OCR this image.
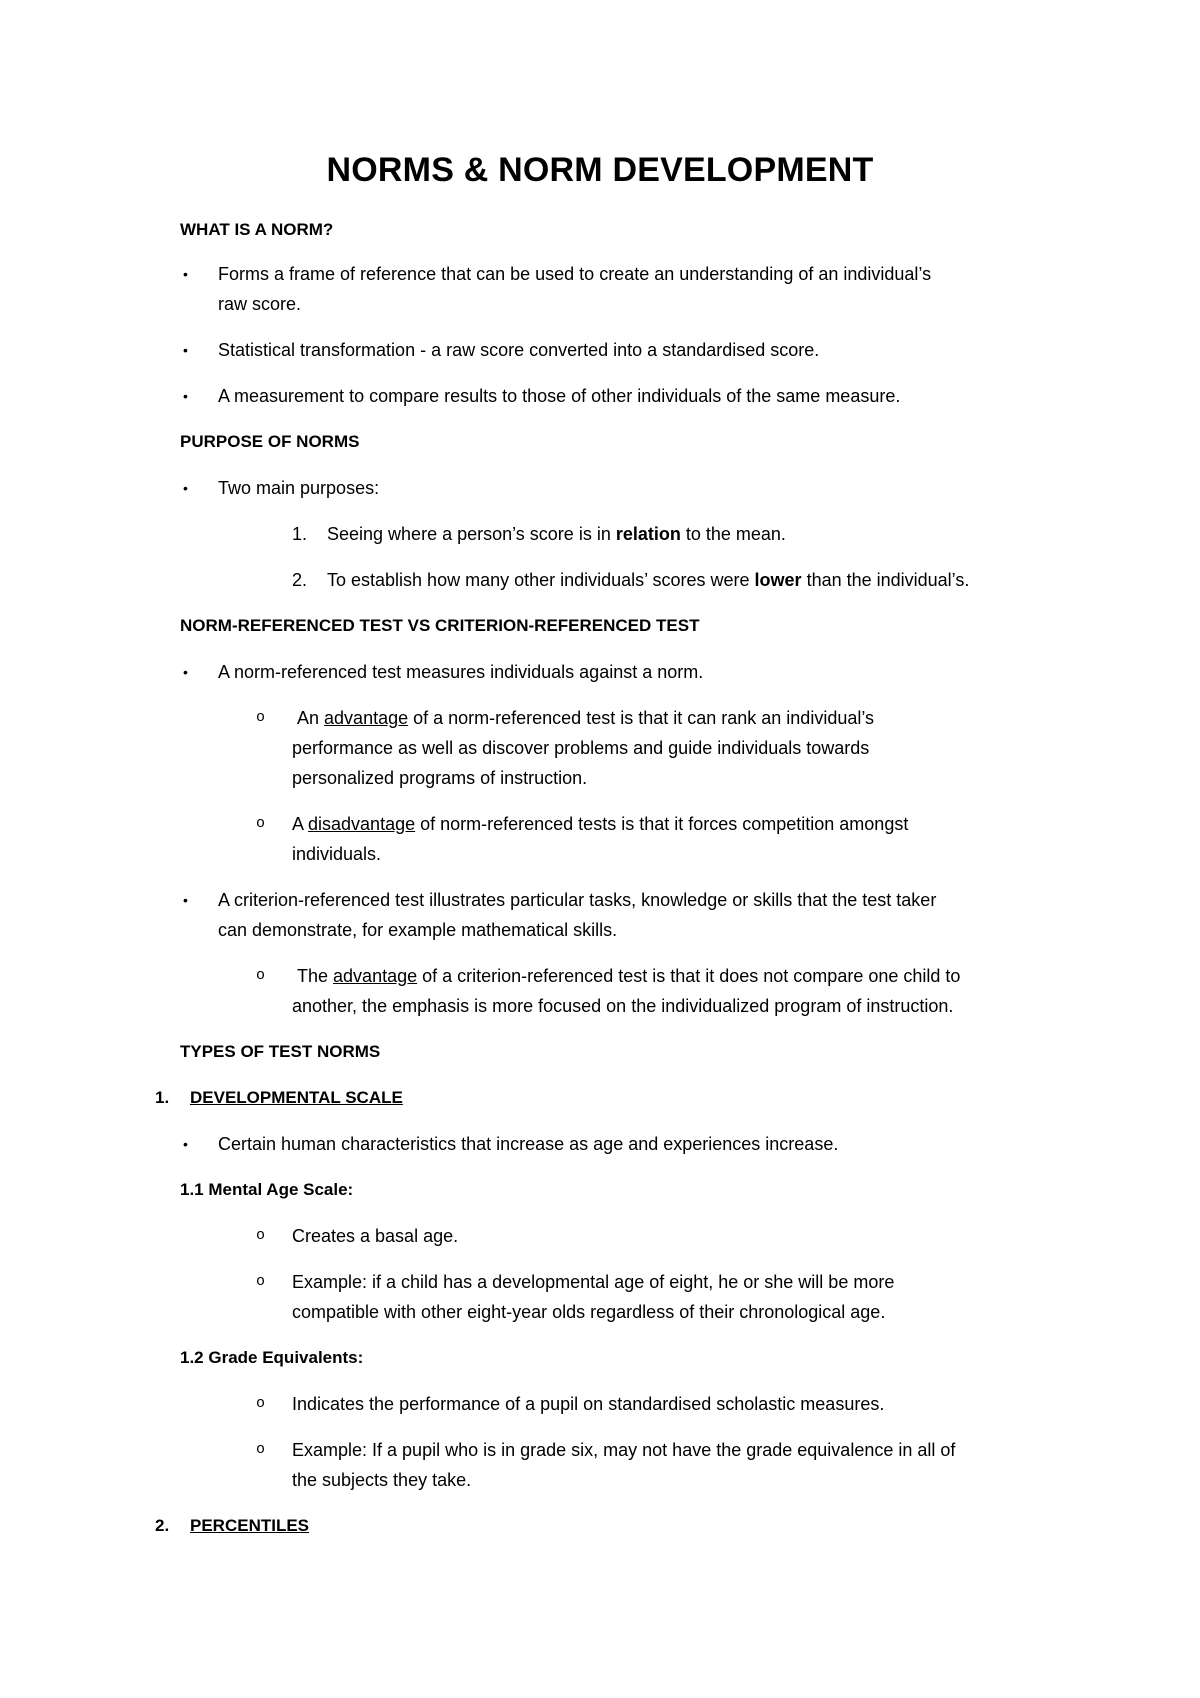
NORMS & NORM DEVELOPMENT
WHAT IS A NORM?
• Forms a frame of reference that can be used to create an understanding of an individual’s
raw score.
• Statistical transformation - a raw score converted into a standardised score.
• A measurement to compare results to those of other individuals of the same measure.
PURPOSE OF NORMS
• Two main purposes:
1. Seeing where a person’s score is in relation to the mean.
2. To establish how many other individuals’ scores were lower than the individual’s.
NORM-REFERENCED TEST VS CRITERION-REFERENCED TEST
• A norm-referenced test measures individuals against a norm.
o An advantage of a norm-referenced test is that it can rank an individual’s
performance as well as discover problems and guide individuals towards
personalized programs of instruction.
o A disadvantage of norm-referenced tests is that it forces competition amongst
individuals.
• A criterion-referenced test illustrates particular tasks, knowledge or skills that the test taker
can demonstrate, for example mathematical skills.
o The advantage of a criterion-referenced test is that it does not compare one child to
another, the emphasis is more focused on the individualized program of instruction.
TYPES OF TEST NORMS
1. DEVELOPMENTAL SCALE
• Certain human characteristics that increase as age and experiences increase.
1.1 Mental Age Scale:
o Creates a basal age.
o Example: if a child has a developmental age of eight, he or she will be more
compatible with other eight-year olds regardless of their chronological age.
1.2 Grade Equivalents:
o Indicates the performance of a pupil on standardised scholastic measures.
o Example: If a pupil who is in grade six, may not have the grade equivalence in all of
the subjects they take.
2. PERCENTILES
